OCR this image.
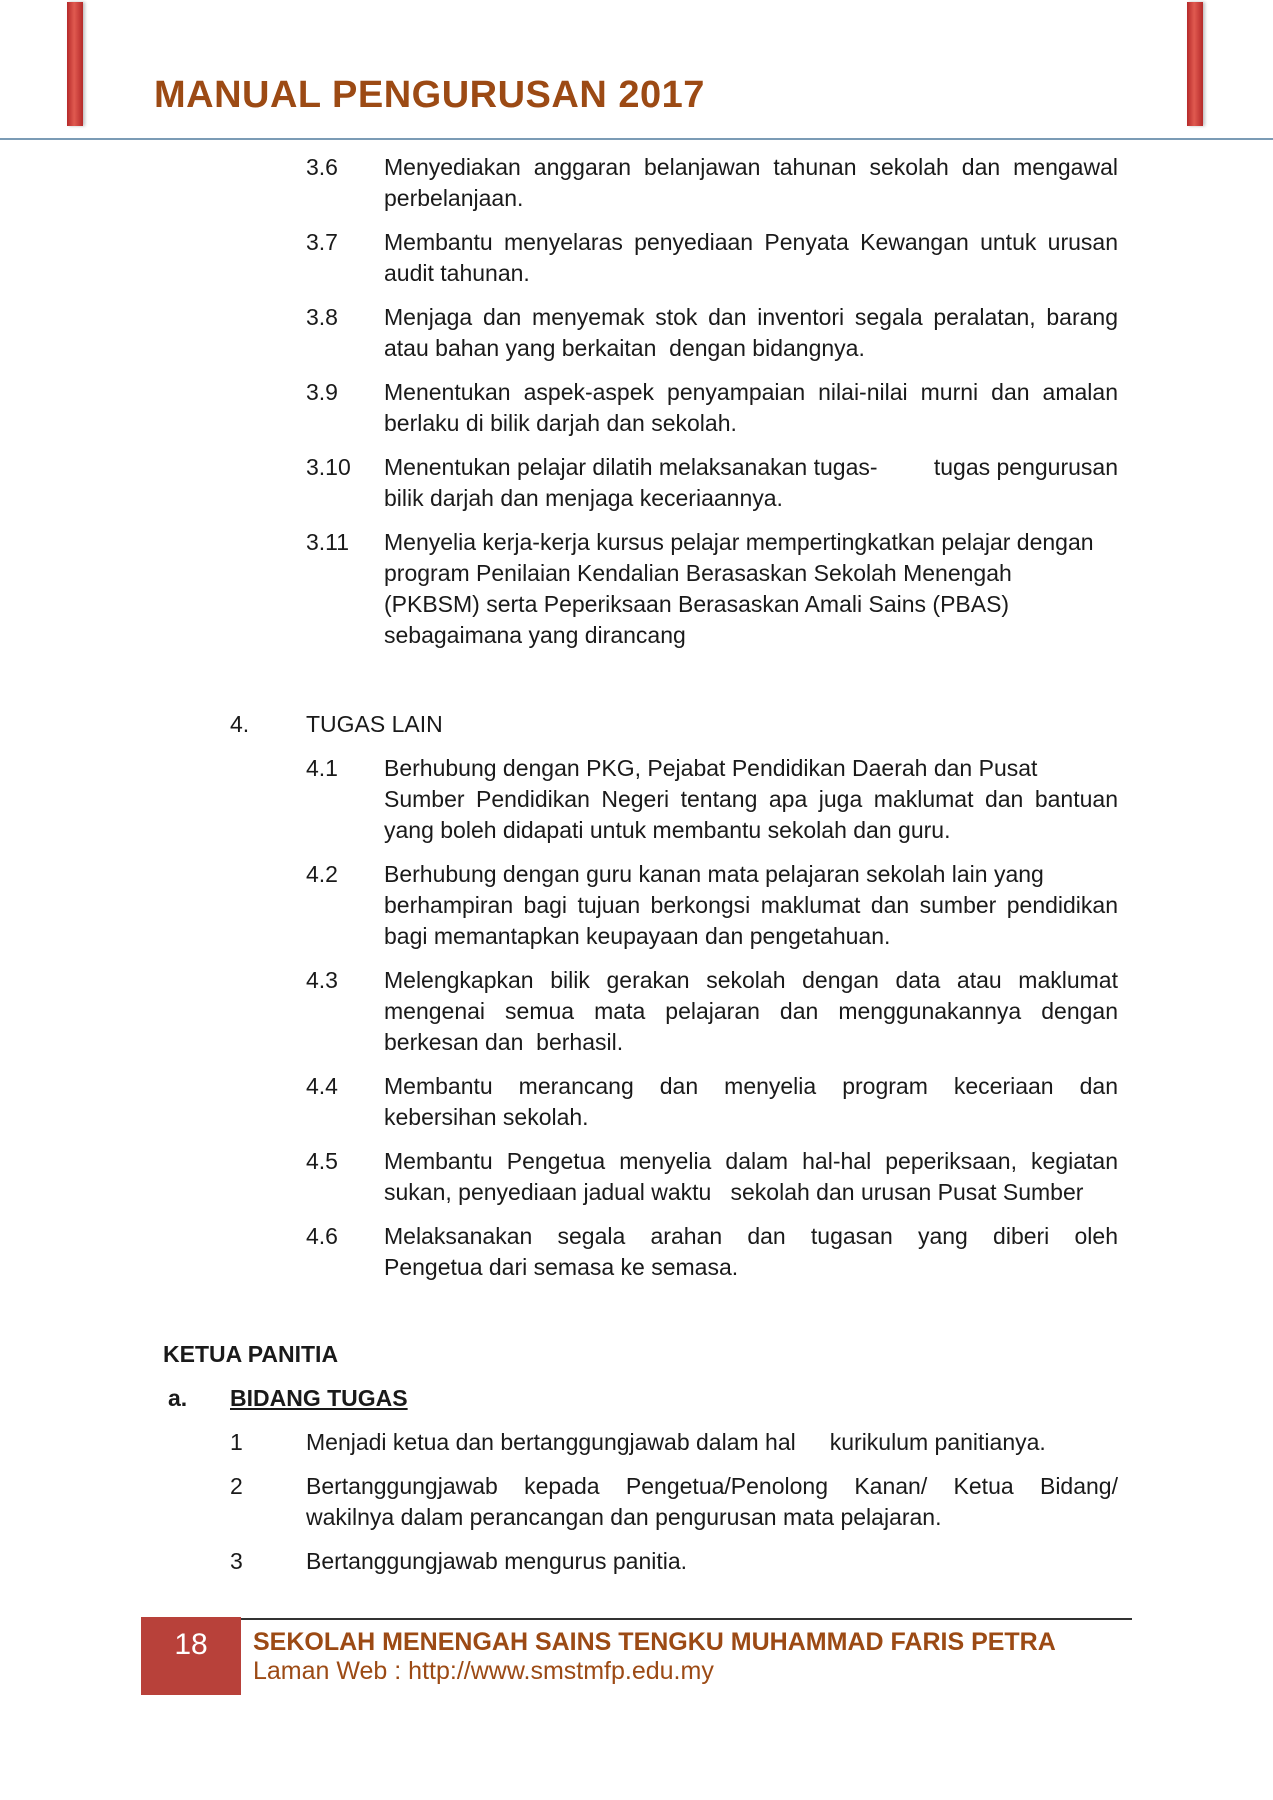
MANUAL PENGURUSAN 2017
3.6	Menyediakan anggaran belanjawan tahunan sekolah dan mengawal
perbelanjaan.
3.7	Membantu menyelaras penyediaan Penyata Kewangan untuk urusan
audit tahunan.
3.8	Menjaga dan menyemak stok dan inventori segala peralatan, barang
atau bahan yang berkaitan  dengan bidangnya.
3.9	Menentukan aspek-aspek penyampaian nilai-nilai murni dan amalan
berlaku di bilik darjah dan sekolah.
3.10	Menentukan pelajar dilatih melaksanakan tugas- tugas pengurusan
bilik darjah dan menjaga keceriaannya.
3.11	Menyelia kerja-kerja kursus pelajar mempertingkatkan pelajar dengan
program Penilaian Kendalian Berasaskan Sekolah Menengah
(PKBSM) serta Peperiksaan Berasaskan Amali Sains (PBAS)
sebagaimana yang dirancang
4.	TUGAS LAIN
4.1	Berhubung dengan PKG, Pejabat Pendidikan Daerah dan Pusat
Sumber Pendidikan Negeri tentang apa juga maklumat dan bantuan
yang boleh didapati untuk membantu sekolah dan guru.
4.2	Berhubung dengan guru kanan mata pelajaran sekolah lain yang
berhampiran bagi tujuan berkongsi maklumat dan sumber pendidikan
bagi memantapkan keupayaan dan pengetahuan.
4.3	Melengkapkan bilik gerakan sekolah dengan data atau maklumat
mengenai semua mata pelajaran dan menggunakannya dengan
berkesan dan  berhasil.
4.4	Membantu merancang dan menyelia program keceriaan dan
kebersihan sekolah.
4.5	Membantu Pengetua menyelia dalam hal-hal peperiksaan, kegiatan
sukan, penyediaan jadual waktu   sekolah dan urusan Pusat Sumber
4.6	Melaksanakan segala arahan dan tugasan yang diberi oleh
Pengetua dari semasa ke semasa.
KETUA PANITIA
a.	BIDANG TUGAS
1	Menjadi ketua dan bertanggungjawab dalam hal kurikulum panitianya.
2	Bertanggungjawab kepada Pengetua/Penolong Kanan/ Ketua Bidang/
wakilnya dalam perancangan dan pengurusan mata pelajaran.
3	Bertanggungjawab mengurus panitia.
18	SEKOLAH MENENGAH SAINS TENGKU MUHAMMAD FARIS PETRA
Laman Web : http://www.smstmfp.edu.my
